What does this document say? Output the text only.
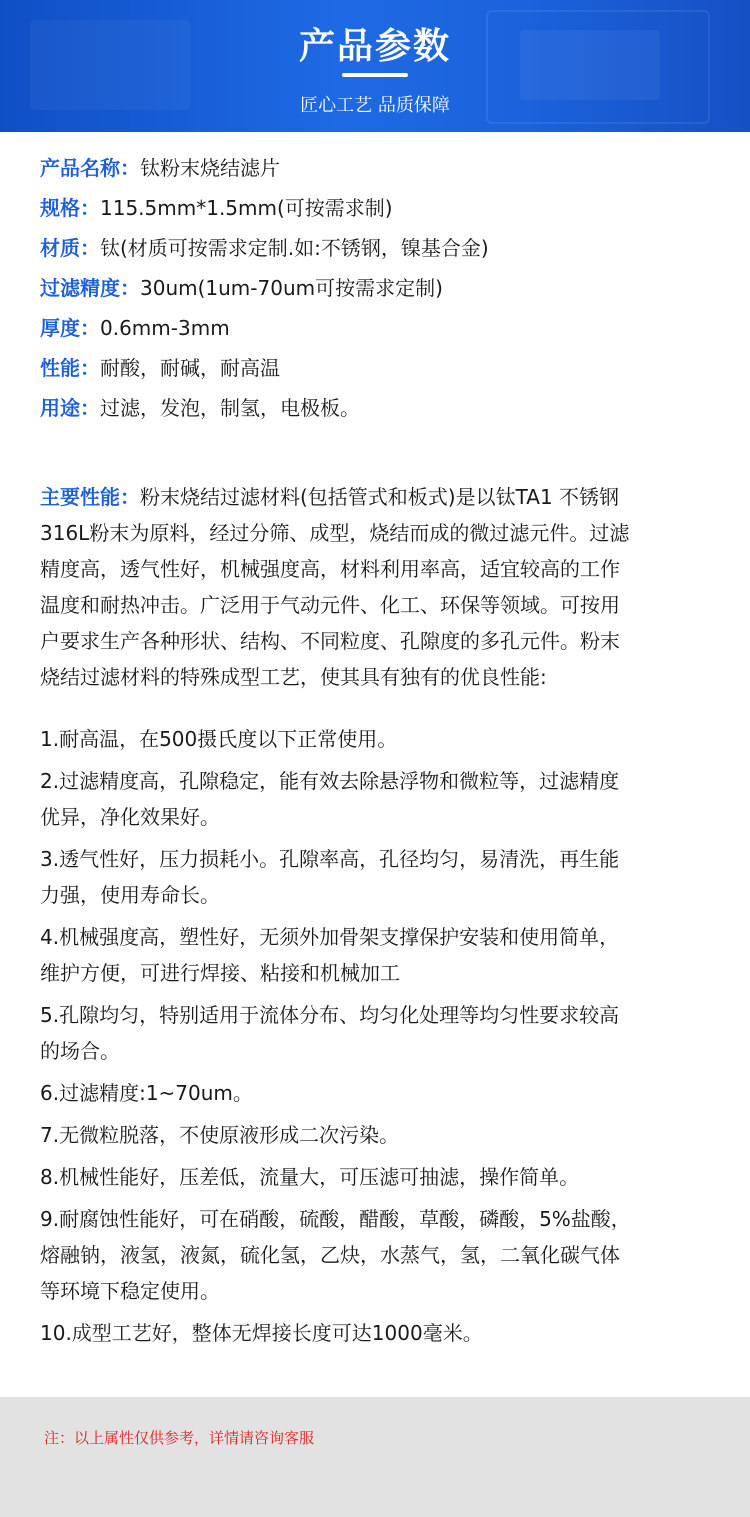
产品参数
匠心工艺 品质保障
产品名称：钛粉末烧结滤片
规格：115.5mm*1.5mm(可按需求制)
材质：钛(材质可按需求定制.如:不锈钢，镍基合金)
过滤精度：30um(1um-70um可按需求定制)
厚度：0.6mm-3mm
性能：耐酸，耐碱，耐高温
用途：过滤，发泡，制氢，电极板。
主要性能：粉末烧结过滤材料(包括管式和板式)是以钛TA1 不锈钢
316L粉末为原料，经过分筛、成型，烧结而成的微过滤元件。过滤
精度高，透气性好，机械强度高，材料利用率高，适宜较高的工作
温度和耐热冲击。广泛用于气动元件、化工、环保等领域。可按用
户要求生产各种形状、结构、不同粒度、孔隙度的多孔元件。粉末
烧结过滤材料的特殊成型工艺，使其具有独有的优良性能:
1.耐高温，在500摄氏度以下正常使用。
2.过滤精度高，孔隙稳定，能有效去除悬浮物和微粒等，过滤精度
优异，净化效果好。
3.透气性好，压力损耗小。孔隙率高，孔径均匀，易清洗，再生能
力强，使用寿命长。
4.机械强度高，塑性好，无须外加骨架支撑保护安装和使用简单，
维护方便，可进行焊接、粘接和机械加工
5.孔隙均匀，特别适用于流体分布、均匀化处理等均匀性要求较高
的场合。
6.过滤精度:1~70um。
7.无微粒脱落，不使原液形成二次污染。
8.机械性能好，压差低，流量大，可压滤可抽滤，操作简单。
9.耐腐蚀性能好，可在硝酸，硫酸，醋酸，草酸，磷酸，5%盐酸，
熔融钠，液氢，液氮，硫化氢，乙炔，水蒸气，氢，二氧化碳气体
等环境下稳定使用。
10.成型工艺好，整体无焊接长度可达1000毫米。
注：以上属性仅供参考，详情请咨询客服
